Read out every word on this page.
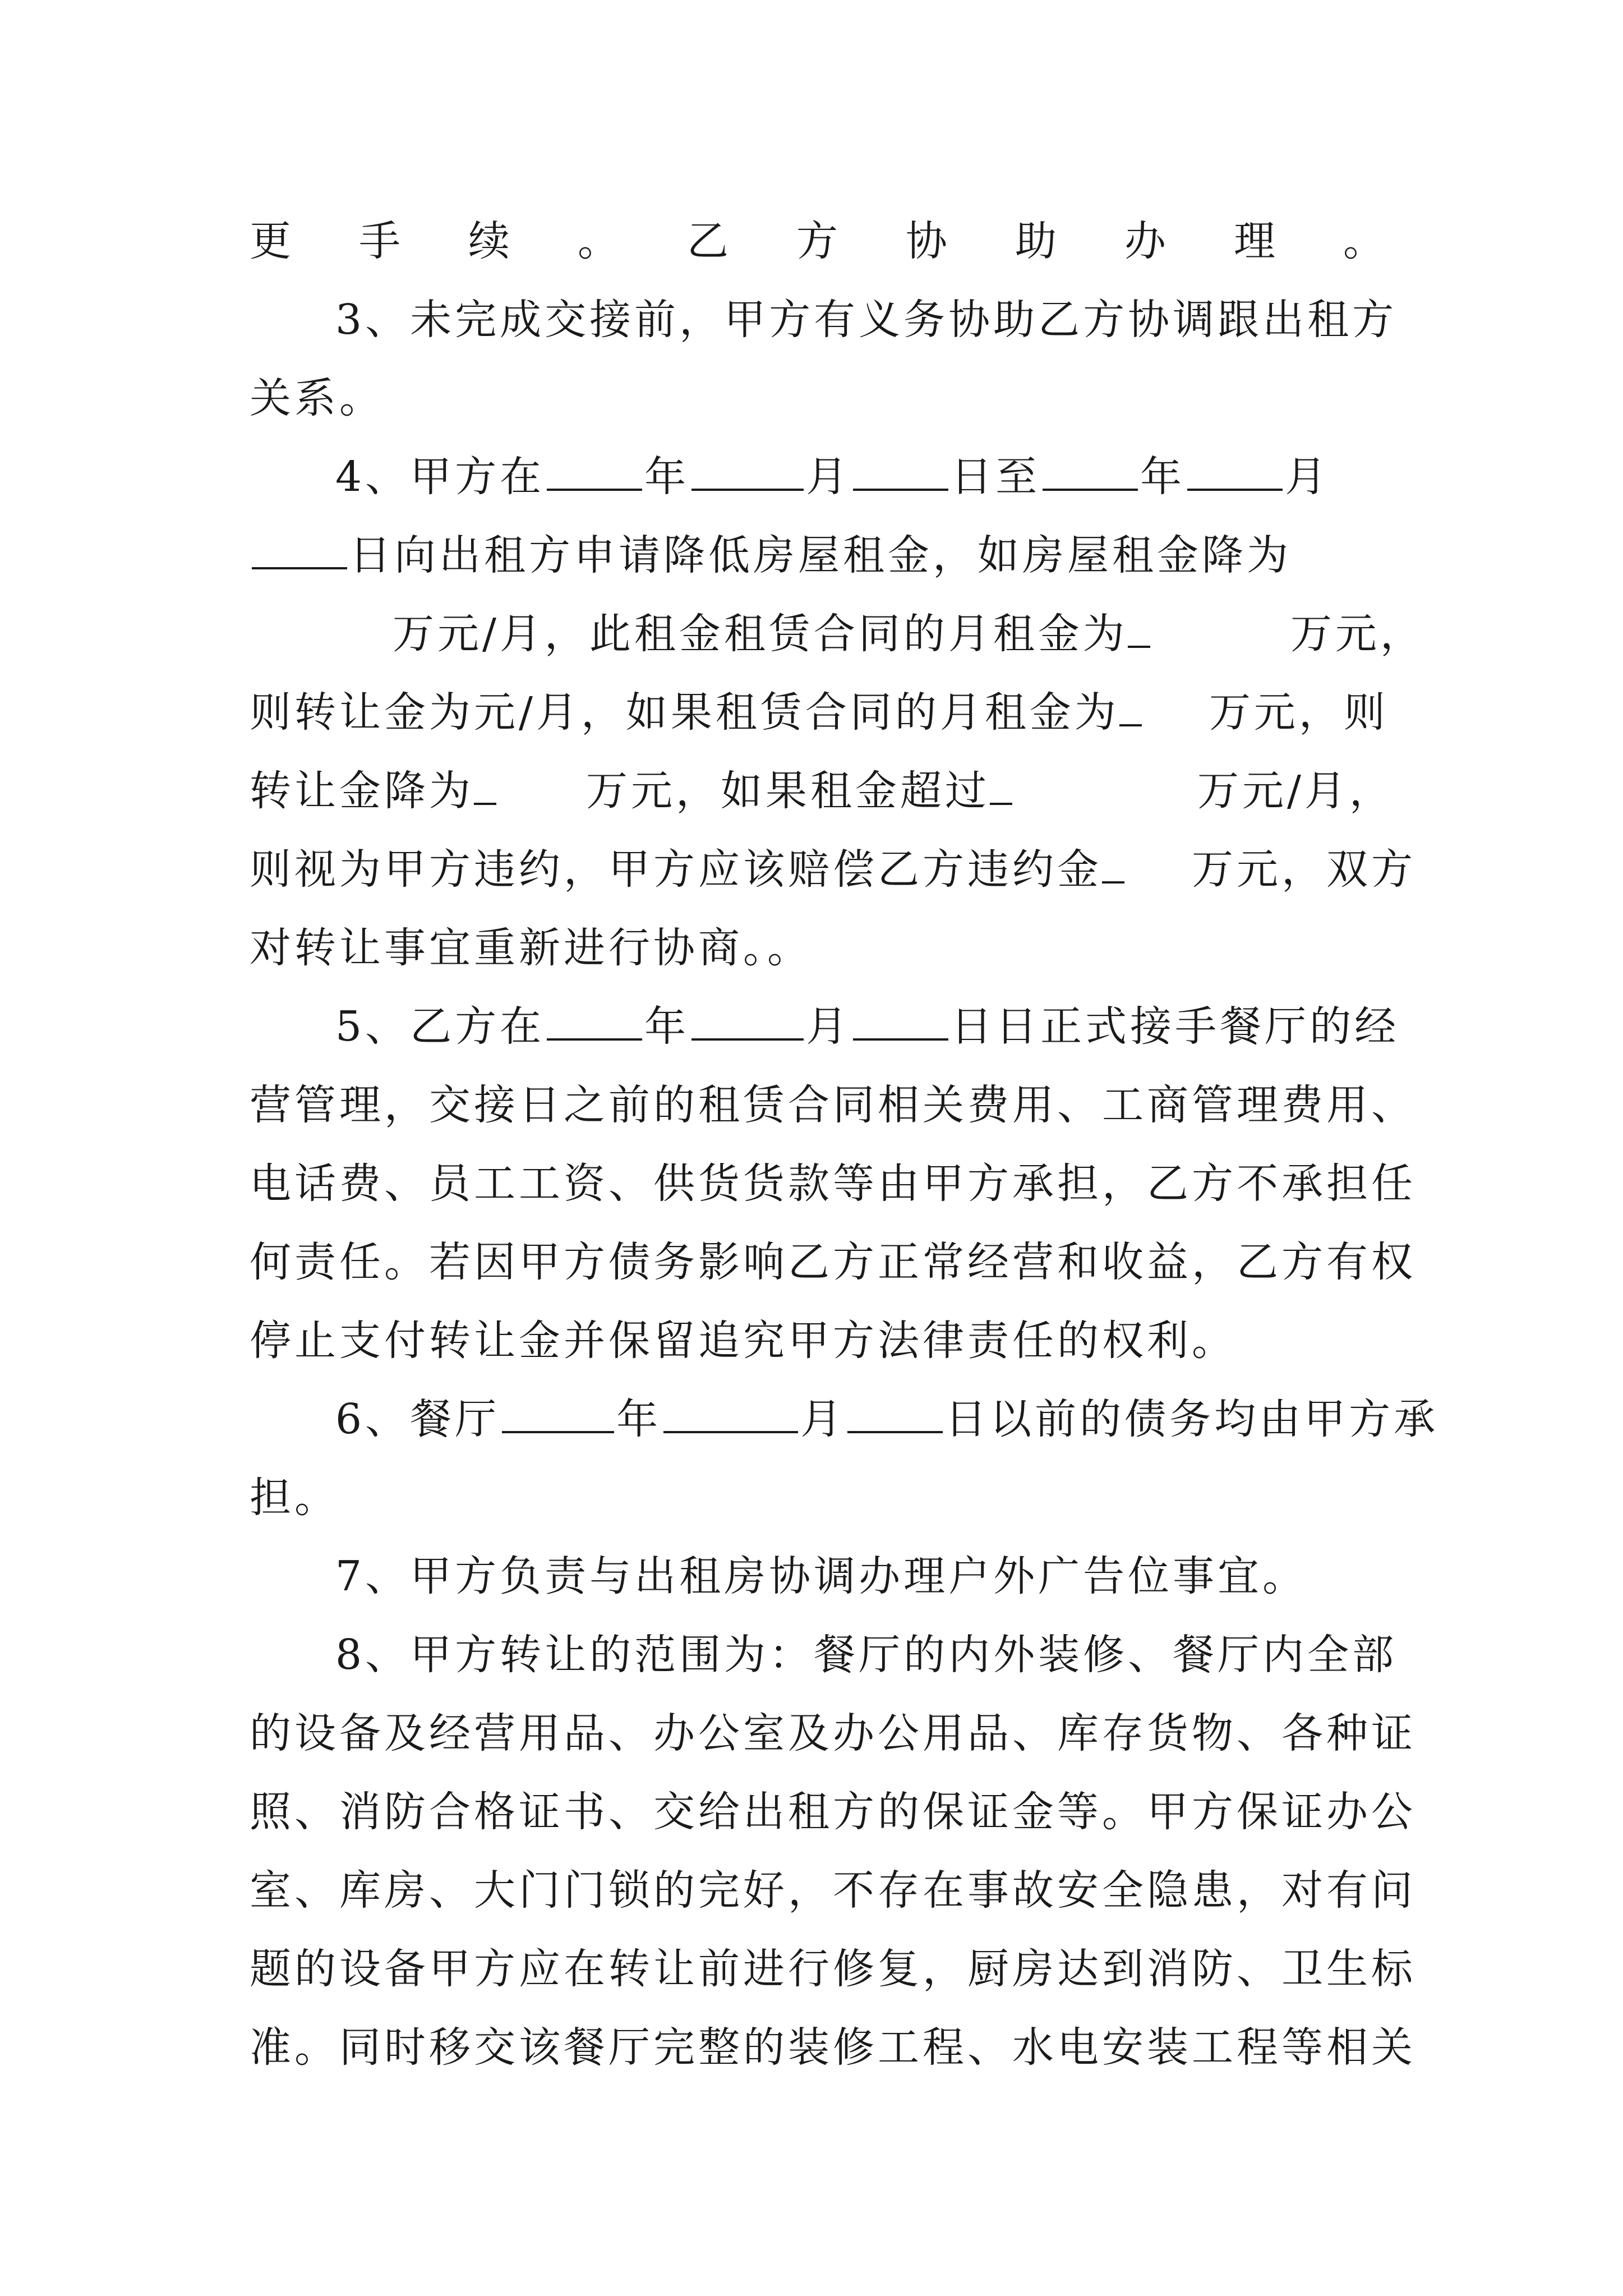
更手续。乙方协助办理。
3、未完成交接前，甲方有义务协助乙方协调跟出租方
关系。
4、甲方在 年	月 日至 年 月
日向出租方申请降低房屋租金，如房屋租金降为
万元/月，此租金租赁合同的月租金为	万元，
则转让金为元/月，如果租赁合同的月租金为 万元，则
转让金降为	万元，如果租金超过	万元/月，
则视为甲方违约，甲方应该赔偿乙方违约金 万元，双方
对转让事宜重新进行协商。。
5、乙方在 年	月 日日正式接手餐厅的经
营管理，交接日之前的租赁合同相关费用、工商管理费用、
电话费、员工工资、供货货款等由甲方承担，乙方不承担任
何责任。若因甲方债务影响乙方正常经营和收益，乙方有权
停止支付转让金并保留追究甲方法律责任的权利。
6、餐厅	年	月 日以前的债务均由甲方承
担。
7、甲方负责与出租房协调办理户外广告位事宜。
8、甲方转让的范围为：餐厅的内外装修、餐厅内全部
的设备及经营用品、办公室及办公用品、库存货物、各种证
照、消防合格证书、交给出租方的保证金等。甲方保证办公
室、库房、大门门锁的完好，不存在事故安全隐患，对有问
题的设备甲方应在转让前进行修复，厨房达到消防、卫生标
准。同时移交该餐厅完整的装修工程、水电安装工程等相关
